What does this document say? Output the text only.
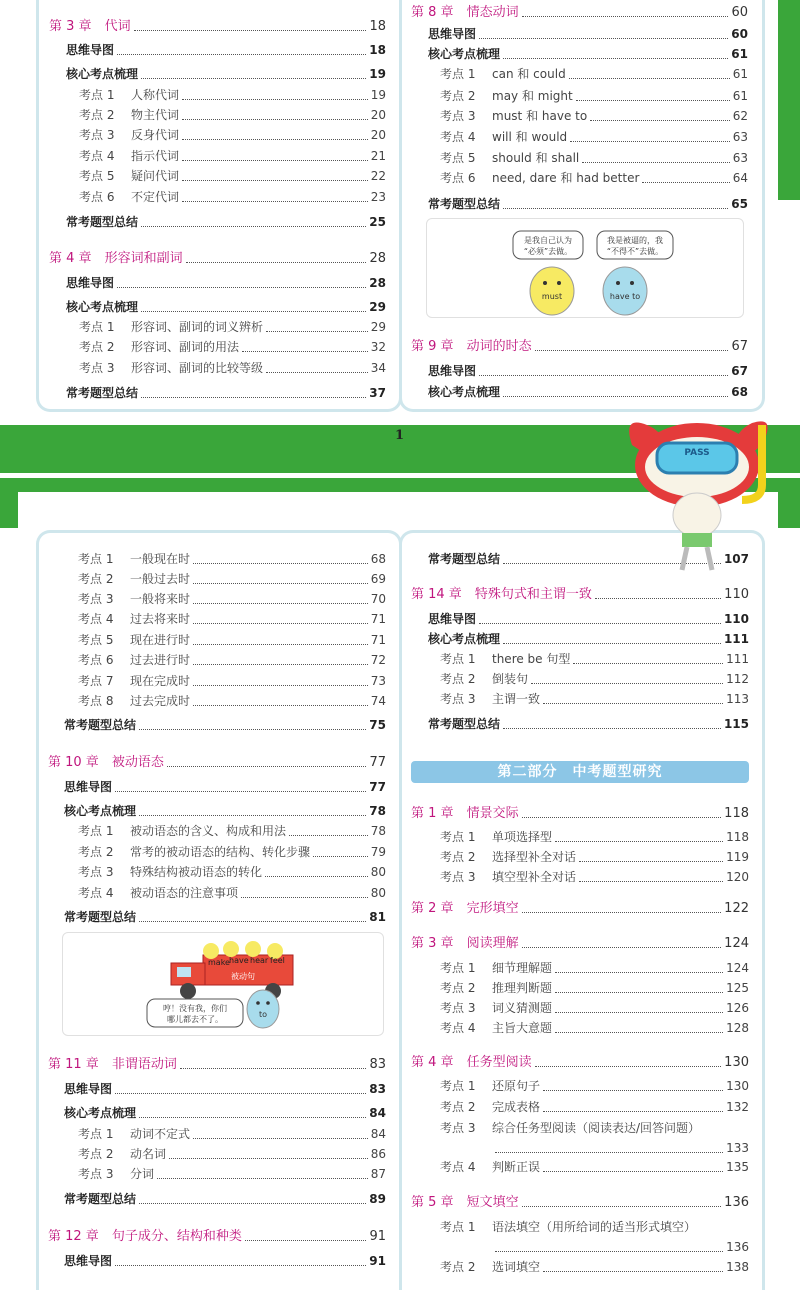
1
第 3 章　 代词	18
思维导图	18
核心考点梳理	19
考点 1 人称代词	19
考点 2 物主代词	20
考点 3 反身代词	20
考点 4 指示代词	21
考点 5 疑问代词	22
考点 6 不定代词	23
常考题型总结	25
第 4 章　 形容词和副词	28
思维导图	28
核心考点梳理	29
考点 1 形容词、副词的词义辨析	29
考点 2 形容词、副词的用法	32
考点 3 形容词、副词的比较等级	34
常考题型总结	37
第 8 章　 情态动词	60
思维导图	60
核心考点梳理	61
考点 1 can 和 could	61
考点 2 may 和 might	61
考点 3 must 和 have to	62
考点 4 will 和 would	63
考点 5 should 和 shall	63
考点 6 need, dare 和 had better	64
常考题型总结	65
第 9 章　 动词的时态	67
思维导图	67
核心考点梳理	68
考点 1 一般现在时	68
考点 2 一般过去时	69
考点 3 一般将来时	70
考点 4 过去将来时	71
考点 5 现在进行时	71
考点 6 过去进行时	72
考点 7 现在完成时	73
考点 8 过去完成时	74
常考题型总结	75
第 10 章　 被动语态	77
思维导图	77
核心考点梳理	78
考点 1 被动语态的含义、构成和用法	78
考点 2 常考的被动语态的结构、转化步骤	79
考点 3 特殊结构被动语态的转化	80
考点 4 被动语态的注意事项	80
常考题型总结	81
第 11 章　 非谓语动词	83
思维导图	83
核心考点梳理	84
考点 1 动词不定式	84
考点 2 动名词	86
考点 3 分词	87
常考题型总结	89
第 12 章　 句子成分、结构和种类	91
思维导图	91
常考题型总结	107
第 14 章　 特殊句式和主谓一致	110
思维导图	110
核心考点梳理	111
考点 1 there be 句型	111
考点 2 倒装句	112
考点 3 主谓一致	113
常考题型总结	115
第 1 章　 情景交际	118
考点 1 单项选择型	118
考点 2 选择型补全对话	119
考点 3 填空型补全对话	120
第 2 章　 完形填空	122
第 3 章　 阅读理解	124
考点 1 细节理解题	124
考点 2 推理判断题	125
考点 3 词义猜测题	126
考点 4 主旨大意题	128
第 4 章　 任务型阅读	130
考点 1 还原句子	130
考点 2 完成表格	132
考点 3 综合任务型阅读（阅读表达/回答问题）
133
考点 4 判断正误	135
第 5 章　 短文填空	136
考点 1 语法填空（用所给词的适当形式填空）
136
考点 2 选词填空	138
第二部分　中考题型研究
是我自己认为
“必须”去做。
我是被逼的，我
“不得不”去做。
must	have to
PASS
make have hear feel
被动句
哼！没有我，你们
哪儿都去不了。
to
